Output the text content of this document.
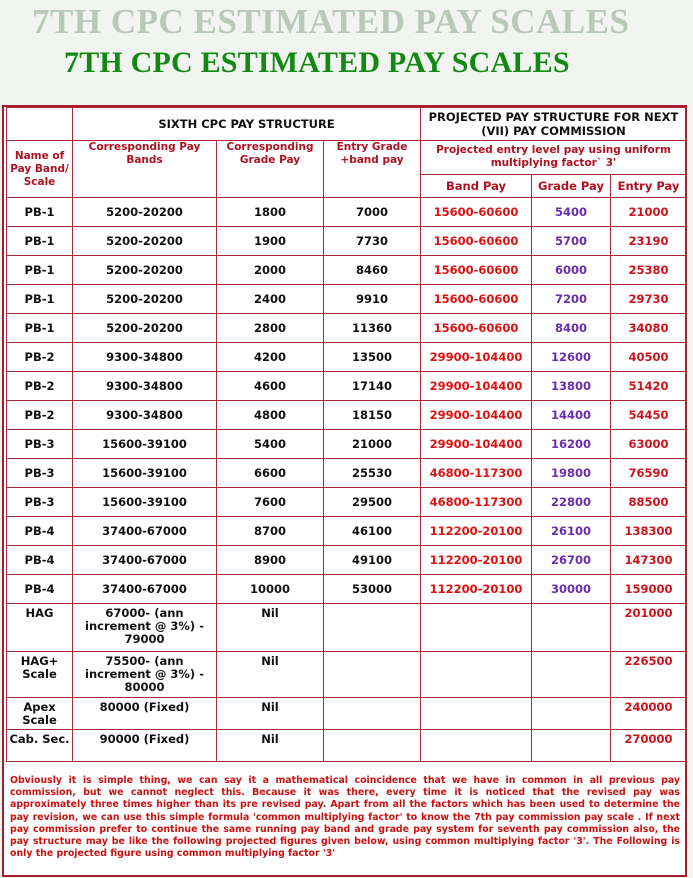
7TH CPC ESTIMATED PAY SCALES
7TH CPC ESTIMATED PAY SCALES
	SIXTH CPC PAY STRUCTURE			PROJECTED PAY STRUCTURE FOR NEXT (VII) PAY COMMISSION		
Name of Pay Band/ Scale	Corresponding Pay Bands	Corresponding Grade Pay	Entry Grade +band pay	Projected entry level pay using uniform multiplying factor` 3'		
				Band Pay	Grade Pay	Entry Pay
PB-1	5200-20200	1800	7000	15600-60600	5400	21000
PB-1	5200-20200	1900	7730	15600-60600	5700	23190
PB-1	5200-20200	2000	8460	15600-60600	6000	25380
PB-1	5200-20200	2400	9910	15600-60600	7200	29730
PB-1	5200-20200	2800	11360	15600-60600	8400	34080
PB-2	9300-34800	4200	13500	29900-104400	12600	40500
PB-2	9300-34800	4600	17140	29900-104400	13800	51420
PB-2	9300-34800	4800	18150	29900-104400	14400	54450
PB-3	15600-39100	5400	21000	29900-104400	16200	63000
PB-3	15600-39100	6600	25530	46800-117300	19800	76590
PB-3	15600-39100	7600	29500	46800-117300	22800	88500
PB-4	37400-67000	8700	46100	112200-20100	26100	138300
PB-4	37400-67000	8900	49100	112200-20100	26700	147300
PB-4	37400-67000	10000	53000	112200-20100	30000	159000
HAG	67000- (ann increment @ 3%) - 79000	Nil				201000
HAG+ Scale	75500- (ann increment @ 3%) - 80000	Nil				226500
Apex Scale	80000 (Fixed)	Nil				240000
Cab. Sec.	90000 (Fixed)	Nil				270000
Obviously it is simple thing, we can say it a mathematical coincidence that we have in common in all previous pay commission, but we cannot neglect this. Because it was there, every time it is noticed that the revised pay was approximately three times higher than its pre revised pay. Apart from all the factors which has been used to determine the pay revision, we can use this simple formula 'common multiplying factor' to know the 7th pay commission pay scale . If next pay commission prefer to continue the same running pay band and grade pay system for seventh pay commission also, the pay structure may be like the following projected figures given below, using common multiplying factor '3'. The Following is only the projected figure using common multiplying factor '3'
